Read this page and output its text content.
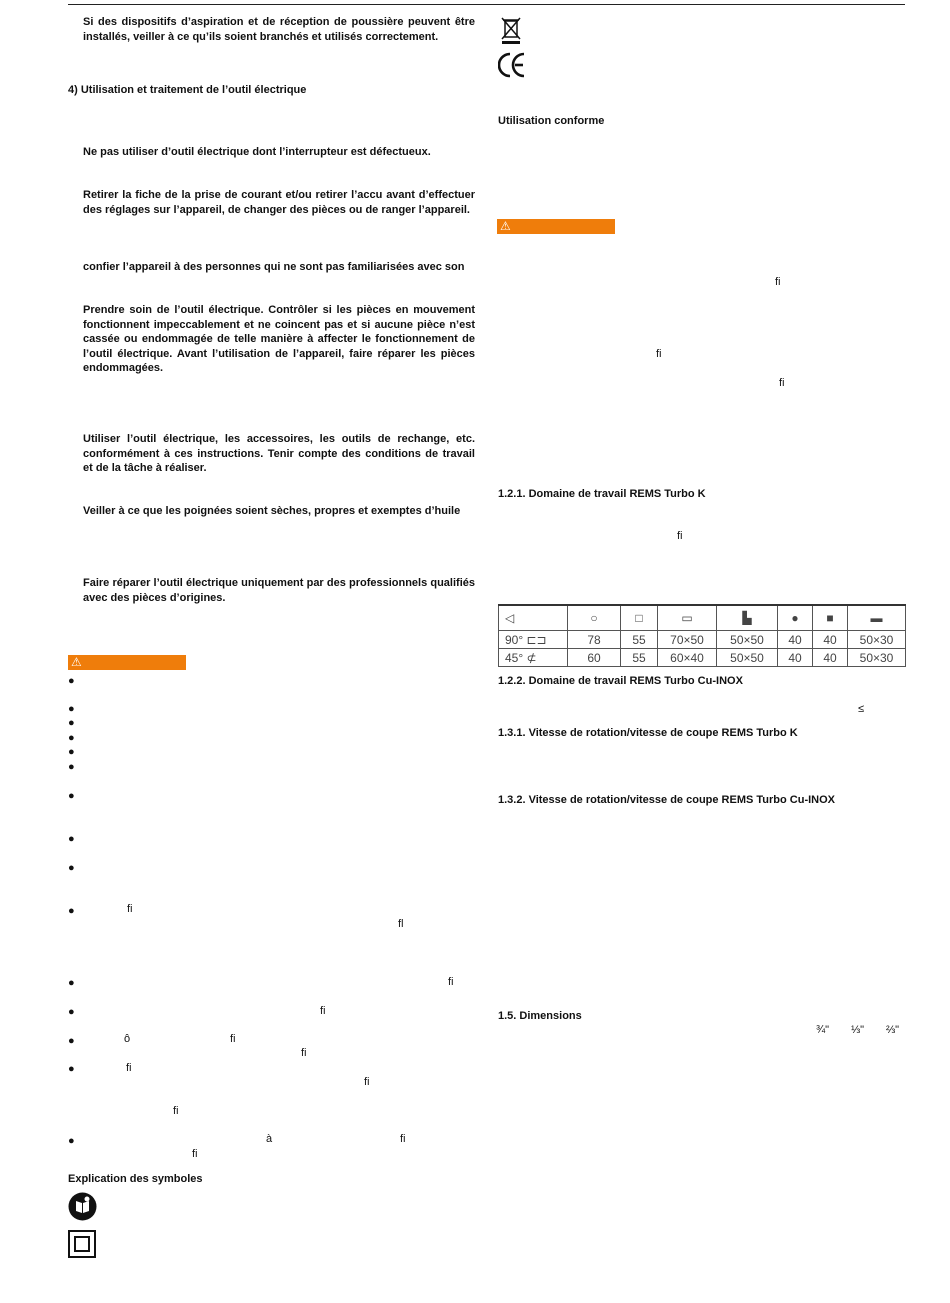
Si des dispositifs d’aspiration et de réception de poussière peuvent être installés, veiller à ce qu’ils soient branchés et utilisés correctement.
4) Utilisation et traitement de l’outil électrique
Ne pas utiliser d’outil électrique dont l’interrupteur est défectueux.
Retirer la fiche de la prise de courant et/ou retirer l’accu avant d’effectuer des réglages sur l’appareil, de changer des pièces ou de ranger l’appareil.
confier l’appareil à des personnes qui ne sont pas familiarisées avec son
Prendre soin de l’outil électrique. Contrôler si les pièces en mouvement fonctionnent impeccablement et ne coincent pas et si aucune pièce n’est cassée ou endommagée de telle manière à affecter le fonctionnement de l’outil électrique. Avant l’utilisation de l’appareil, faire réparer les pièces endommagées.
Utiliser l’outil électrique, les accessoires, les outils de rechange, etc. conformément à ces instructions. Tenir compte des conditions de travail et de la tâche à réaliser.
Veiller à ce que les poignées soient sèches, propres et exemptes d’huile
Faire réparer l’outil électrique uniquement par des professionnels qualifiés avec des pièces d’origines.
⚠
●
●
●
●
●
●
●
●
●
●
●
●
●
●
●
ﬁ
ﬂ
ﬁ
ﬁ
ô	ﬁ
ﬁ
ﬁ
ﬁ
ﬁ
à	ﬁ
ﬁ
Explication des symboles
Utilisation conforme
⚠
ﬁ
ﬁ
ﬁ
1.2.1. Domaine de travail REMS Turbo K
ﬁ
◁	○	□	▭	▙	●	■	▬
90° ⊏⊐	78	55	70×50	50×50	40	40	50×30
45° ⊄	60	55	60×40	50×50	40	40	50×30
1.2.2. Domaine de travail REMS Turbo Cu-INOX
≤
1.3.1. Vitesse de rotation/vitesse de coupe REMS Turbo K
1.3.2. Vitesse de rotation/vitesse de coupe REMS Turbo Cu-INOX
1.5. Dimensions
¾" ⅓" ⅔"
